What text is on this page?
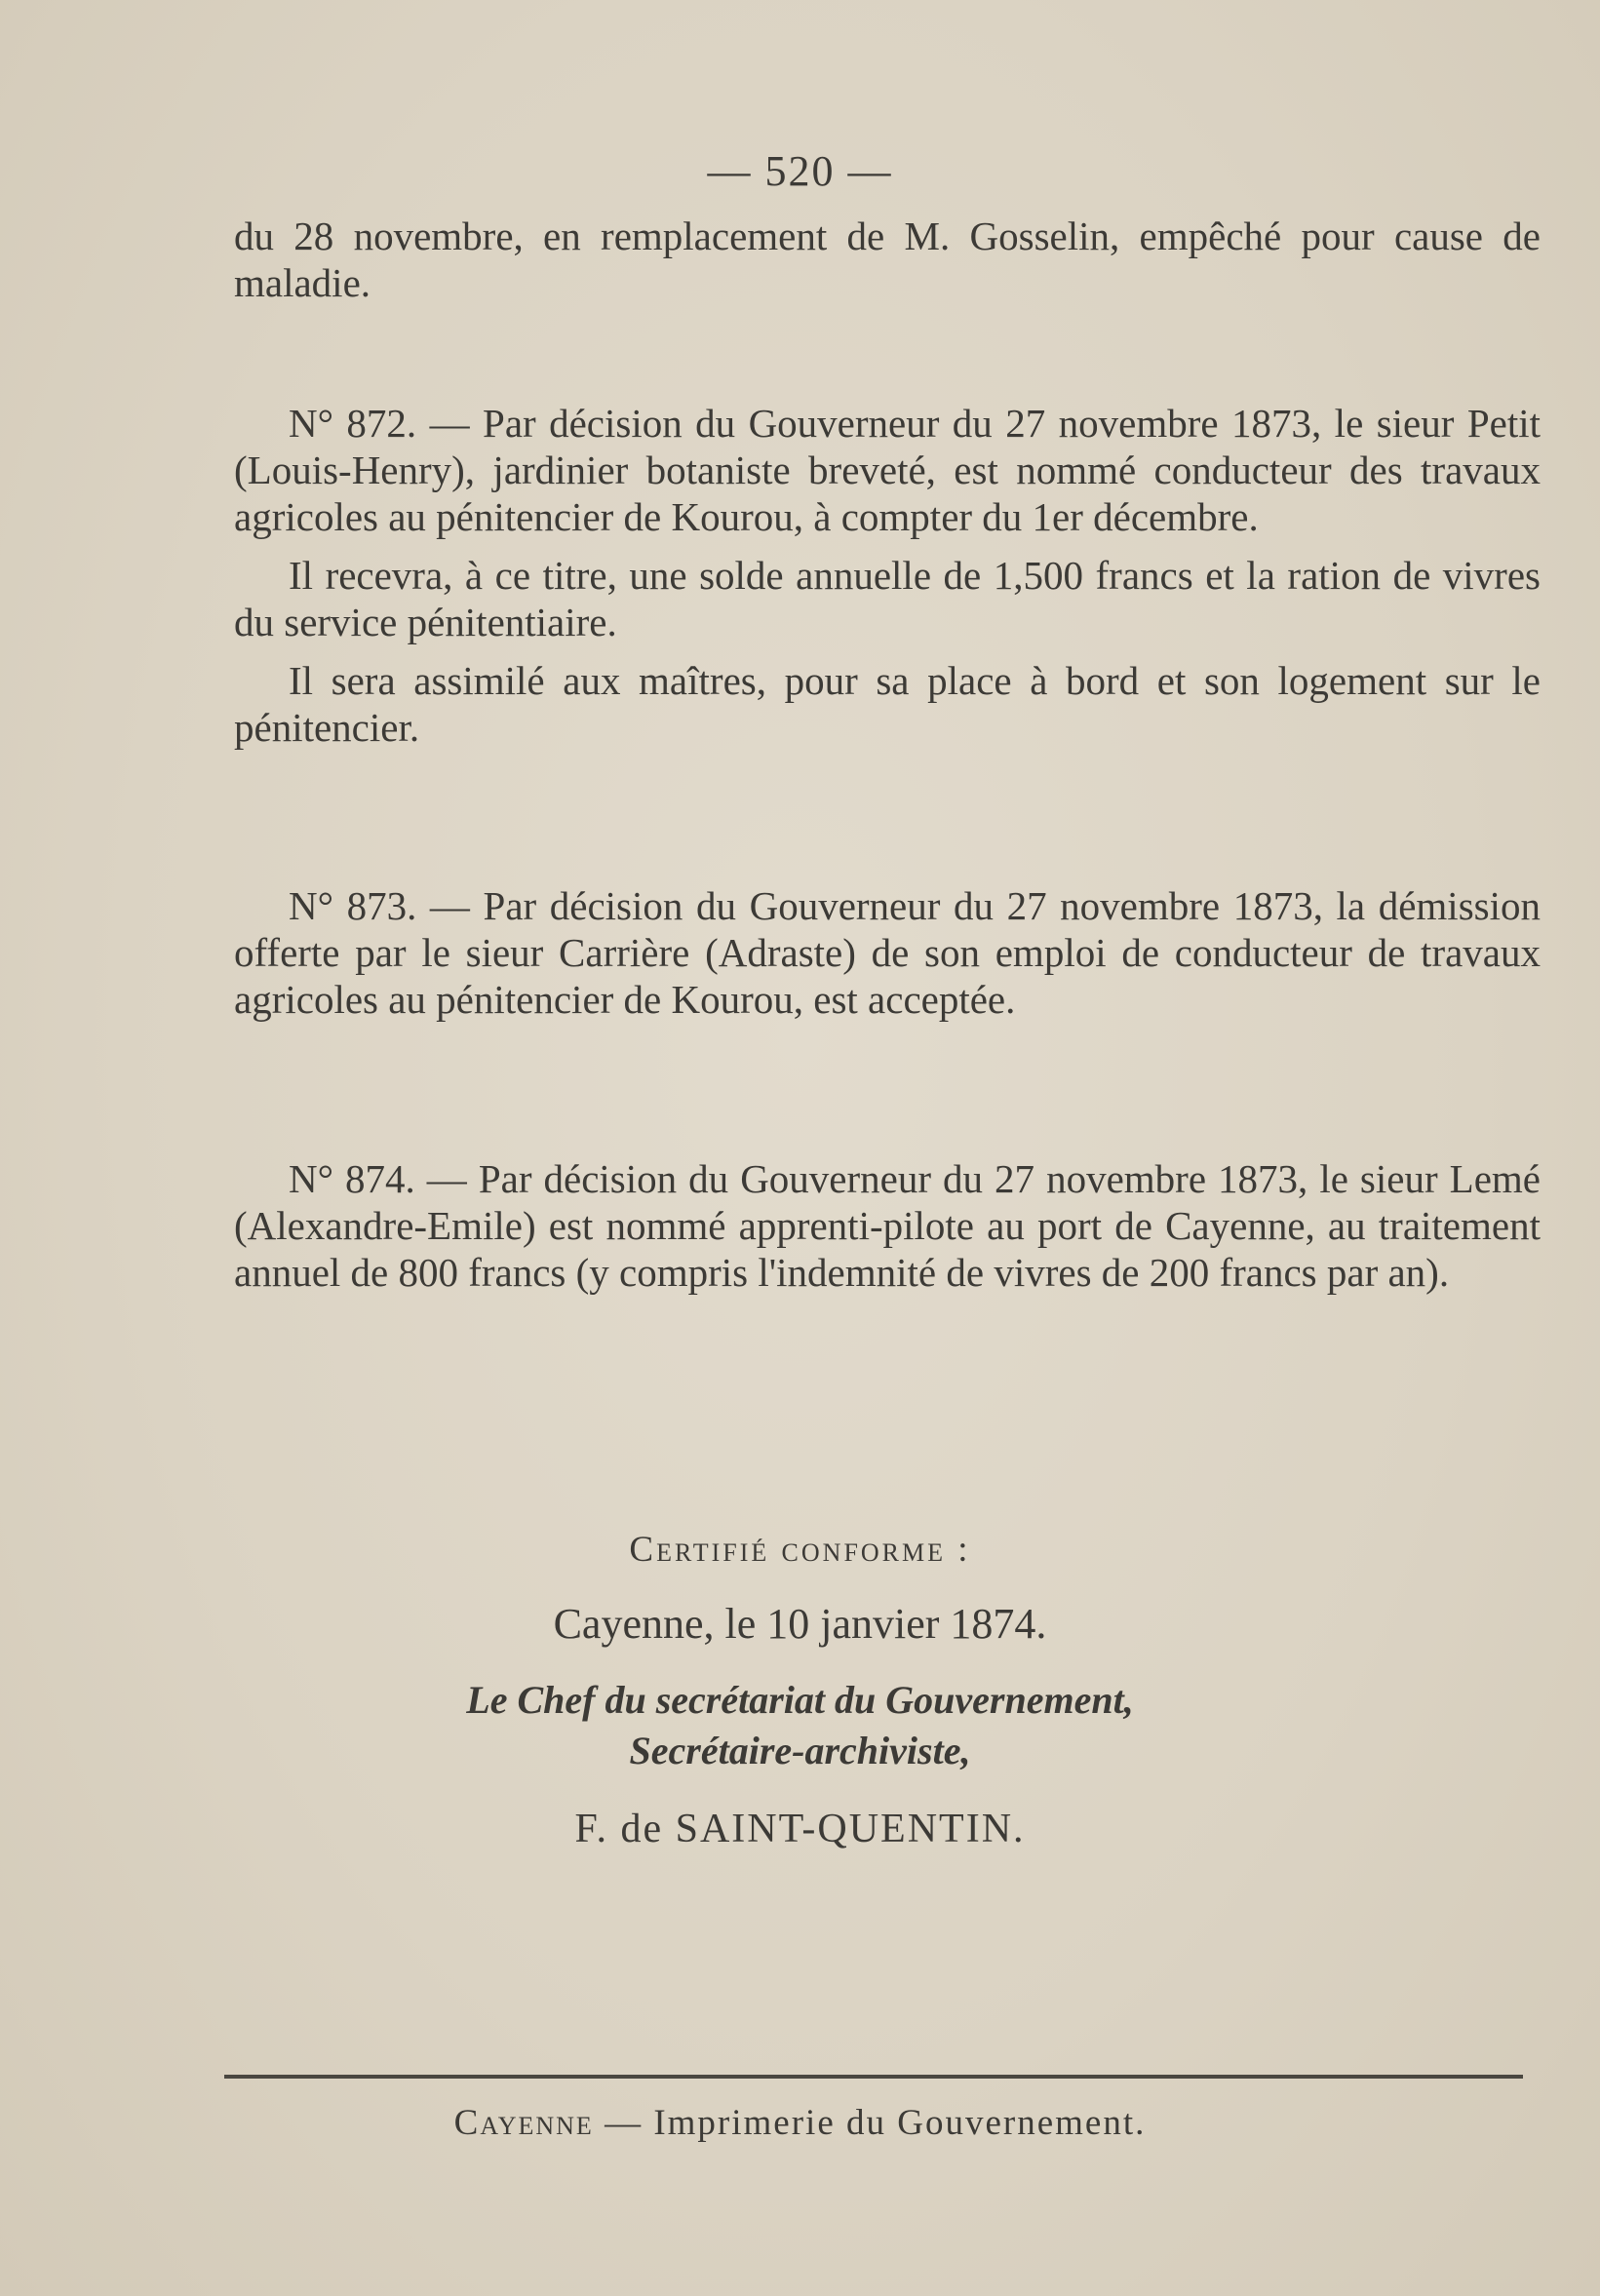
— 520 —

du 28 novembre, en remplacement de M. Gosselin, empêché pour cause de maladie.

N° 872. — Par décision du Gouverneur du 27 novembre 1873, le sieur Petit (Louis-Henry), jardinier botaniste breveté, est nommé conducteur des travaux agricoles au pénitencier de Kourou, à compter du 1er décembre.

Il recevra, à ce titre, une solde annuelle de 1,500 francs et la ration de vivres du service pénitentiaire.

Il sera assimilé aux maîtres, pour sa place à bord et son logement sur le pénitencier.

N° 873. — Par décision du Gouverneur du 27 novembre 1873, la démission offerte par le sieur Carrière (Adraste) de son emploi de conducteur de travaux agricoles au pénitencier de Kourou, est acceptée.

N° 874. — Par décision du Gouverneur du 27 novembre 1873, le sieur Lemé (Alexandre-Emile) est nommé apprenti-pilote au port de Cayenne, au traitement annuel de 800 francs (y compris l'indemnité de vivres de 200 francs par an).

Certifié conforme :
Cayenne, le 10 janvier 1874.
Le Chef du secrétariat du Gouvernement,
Secrétaire-archiviste,
F. de SAINT-QUENTIN.
Cayenne — Imprimerie du Gouvernement.
